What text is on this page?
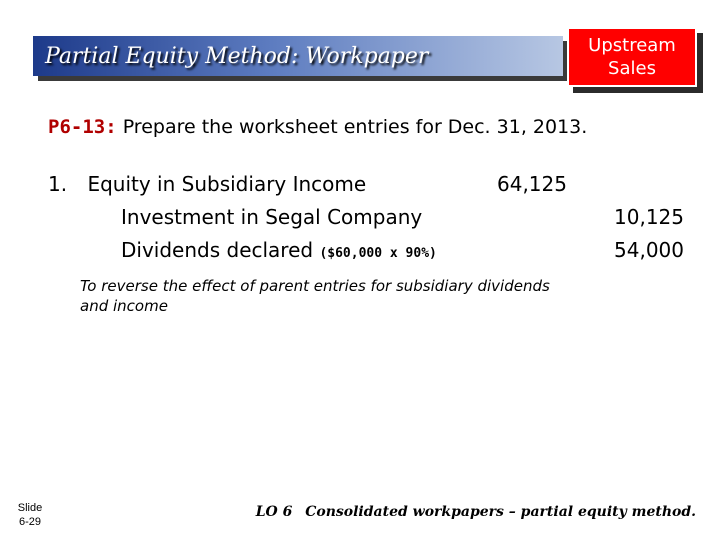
Partial Equity Method: Workpaper	Upstream
Sales
P6-13: Prepare the worksheet entries for Dec. 31, 2013.
1. Equity in Subsidiary Income	64,125
Investment in Segal Company	10,125
Dividends declared ($60,000 x 90%)	54,000
To reverse the effect of parent entries for subsidiary dividends and income
Slide
6-29
LO 6 Consolidated workpapers – partial equity method.
